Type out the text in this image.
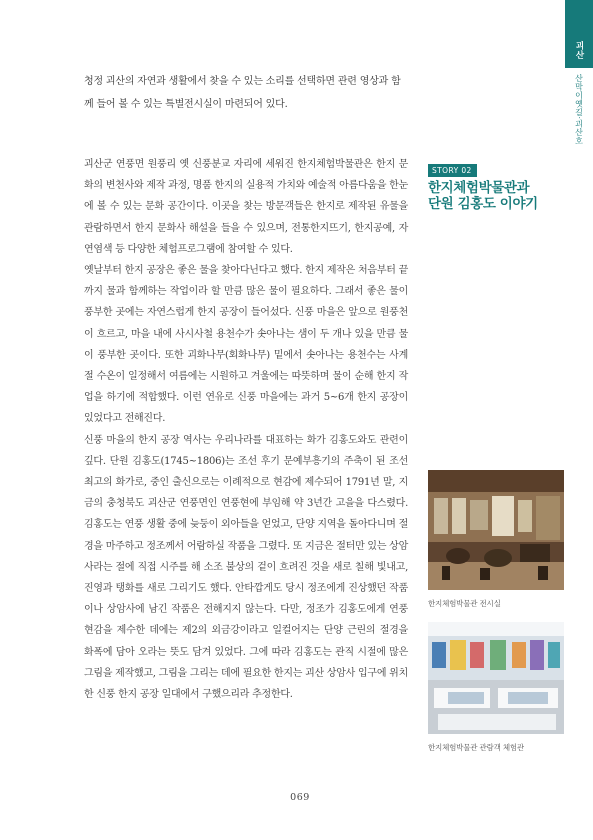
괴산
산막이옛길·괴산호

청정 괴산의 자연과 생활에서 찾을 수 있는 소리를 선택하면 관련 영상과 함께 들어 볼 수 있는 특별전시실이 마련되어 있다.

괴산군 연풍면 원풍리 옛 신풍분교 자리에 세워진 한지체험박물관은 한지 문화의 변천사와 제작 과정, 명품 한지의 실용적 가치와 예술적 아름다움을 한눈에 볼 수 있는 문화 공간이다. 이곳을 찾는 방문객들은 한지로 제작된 유물을 관람하면서 한지 문화사 해설을 들을 수 있으며, 전통한지뜨기, 한지공예, 자연염색 등 다양한 체험프로그램에 참여할 수 있다.

옛날부터 한지 공장은 좋은 물을 찾아다닌다고 했다. 한지 제작은 처음부터 끝까지 물과 함께하는 작업이라 할 만큼 많은 물이 필요하다. 그래서 좋은 물이 풍부한 곳에는 자연스럽게 한지 공장이 들어섰다. 신풍 마을은 앞으로 원풍천이 흐르고, 마을 내에 사시사철 용천수가 솟아나는 샘이 두 개나 있을 만큼 물이 풍부한 곳이다. 또한 괴화나무(회화나무) 밑에서 솟아나는 용천수는 사계절 수온이 일정해서 여름에는 시원하고 겨울에는 따뜻하며 물이 순해 한지 작업을 하기에 적합했다. 이런 연유로 신풍 마을에는 과거 5~6개 한지 공장이 있었다고 전해진다.

신풍 마을의 한지 공장 역사는 우리나라를 대표하는 화가 김홍도와도 관련이 깊다. 단원 김홍도(1745~1806)는 조선 후기 문예부흥기의 주축이 된 조선 최고의 화가로, 중인 출신으로는 이례적으로 현감에 제수되어 1791년 말, 지금의 충청북도 괴산군 연풍면인 연풍현에 부임해 약 3년간 고을을 다스렸다. 김홍도는 연풍 생활 중에 늦둥이 외아들을 얻었고, 단양 지역을 돌아다니며 절경을 마주하고 정조께서 어람하실 작품을 그렸다. 또 지금은 절터만 있는 상암사라는 절에 직접 시주를 해 소조 불상의 겉이 흐려진 것을 새로 칠해 빛내고, 진영과 탱화를 새로 그리기도 했다. 안타깝게도 당시 정조에게 진상했던 작품이나 상암사에 남긴 작품은 전해지지 않는다. 다만, 정조가 김홍도에게 연풍 현감을 제수한 데에는 제2의 외금강이라고 일컬어지는 단양 근린의 절경을 화폭에 담아 오라는 뜻도 담겨 있었다. 그에 따라 김홍도는 관직 시절에 많은 그림을 제작했고, 그림을 그리는 데에 필요한 한지는 괴산 상암사 입구에 위치한 신풍 한지 공장 일대에서 구했으리라 추정한다.

STORY 02
한지체험박물관과
단원 김홍도 이야기
한지체험박물관 전시실
한지체험박물관 관람객 체험관
069
